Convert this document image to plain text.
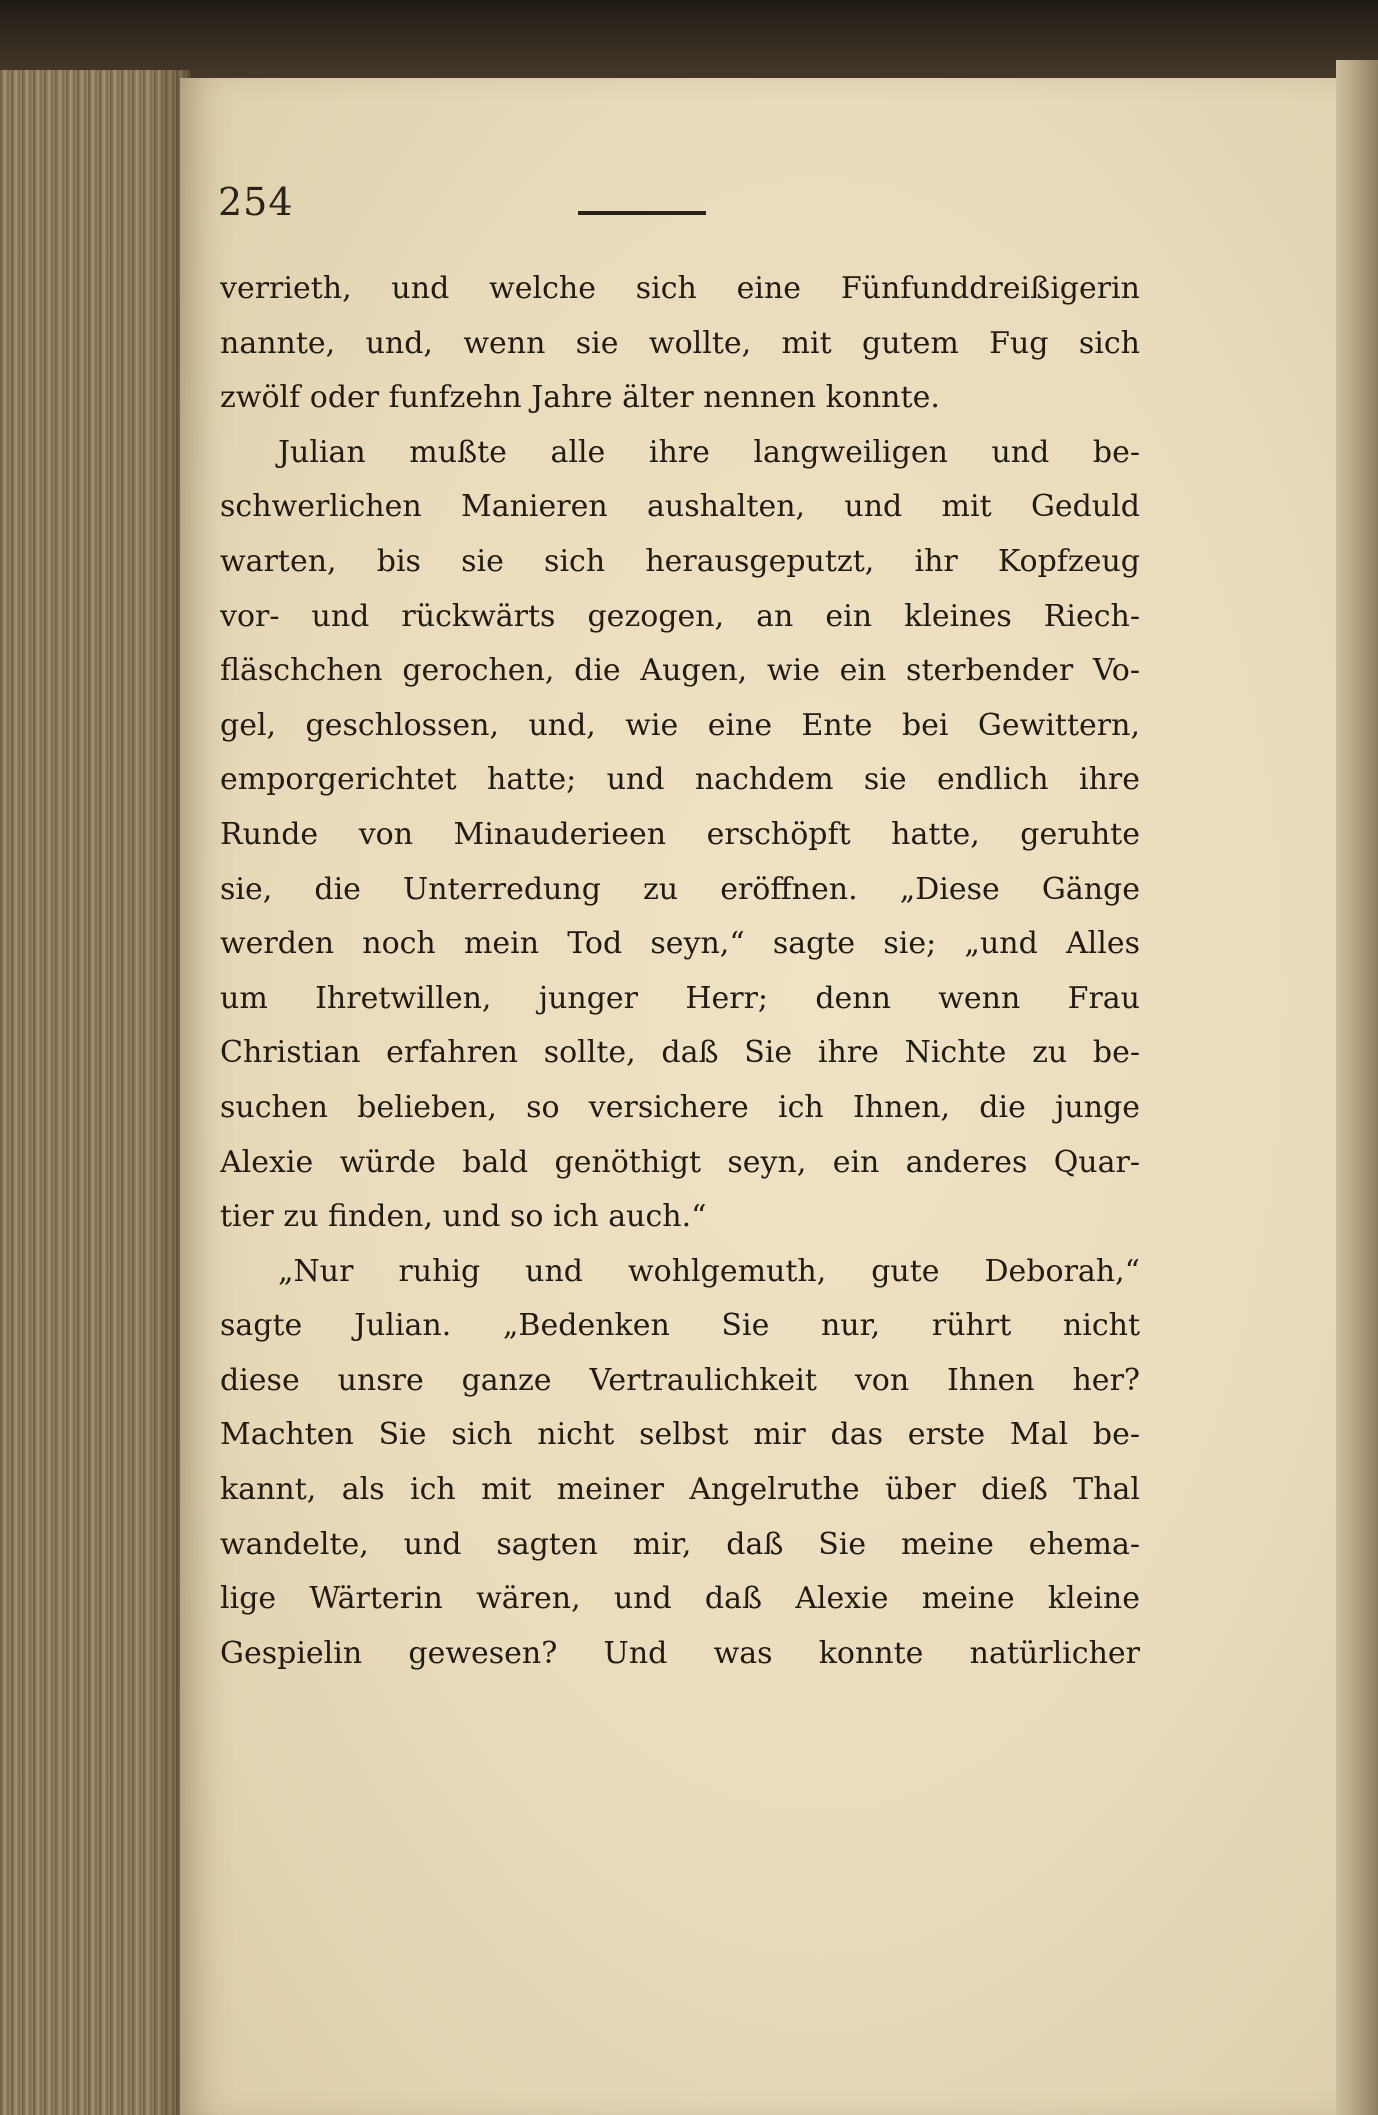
254
verrieth, und welche sich eine Fünfunddreißigerin
nannte, und, wenn sie wollte, mit gutem Fug sich
zwölf oder funfzehn Jahre älter nennen konnte.
Julian mußte alle ihre langweiligen und be-
schwerlichen Manieren aushalten, und mit Geduld
warten, bis sie sich herausgeputzt, ihr Kopfzeug
vor- und rückwärts gezogen, an ein kleines Riech-
fläschchen gerochen, die Augen, wie ein sterbender Vo-
gel, geschlossen, und, wie eine Ente bei Gewittern,
emporgerichtet hatte; und nachdem sie endlich ihre
Runde von Minauderieen erschöpft hatte, geruhte
sie, die Unterredung zu eröffnen. „Diese Gänge
werden noch mein Tod seyn,“ sagte sie; „und Alles
um Ihretwillen, junger Herr; denn wenn Frau
Christian erfahren sollte, daß Sie ihre Nichte zu be-
suchen belieben, so versichere ich Ihnen, die junge
Alexie würde bald genöthigt seyn, ein anderes Quar-
tier zu finden, und so ich auch.“
„Nur ruhig und wohlgemuth, gute Deborah,“
sagte Julian. „Bedenken Sie nur, rührt nicht
diese unsre ganze Vertraulichkeit von Ihnen her?
Machten Sie sich nicht selbst mir das erste Mal be-
kannt, als ich mit meiner Angelruthe über dieß Thal
wandelte, und sagten mir, daß Sie meine ehema-
lige Wärterin wären, und daß Alexie meine kleine
Gespielin gewesen? Und was konnte natürlicher
